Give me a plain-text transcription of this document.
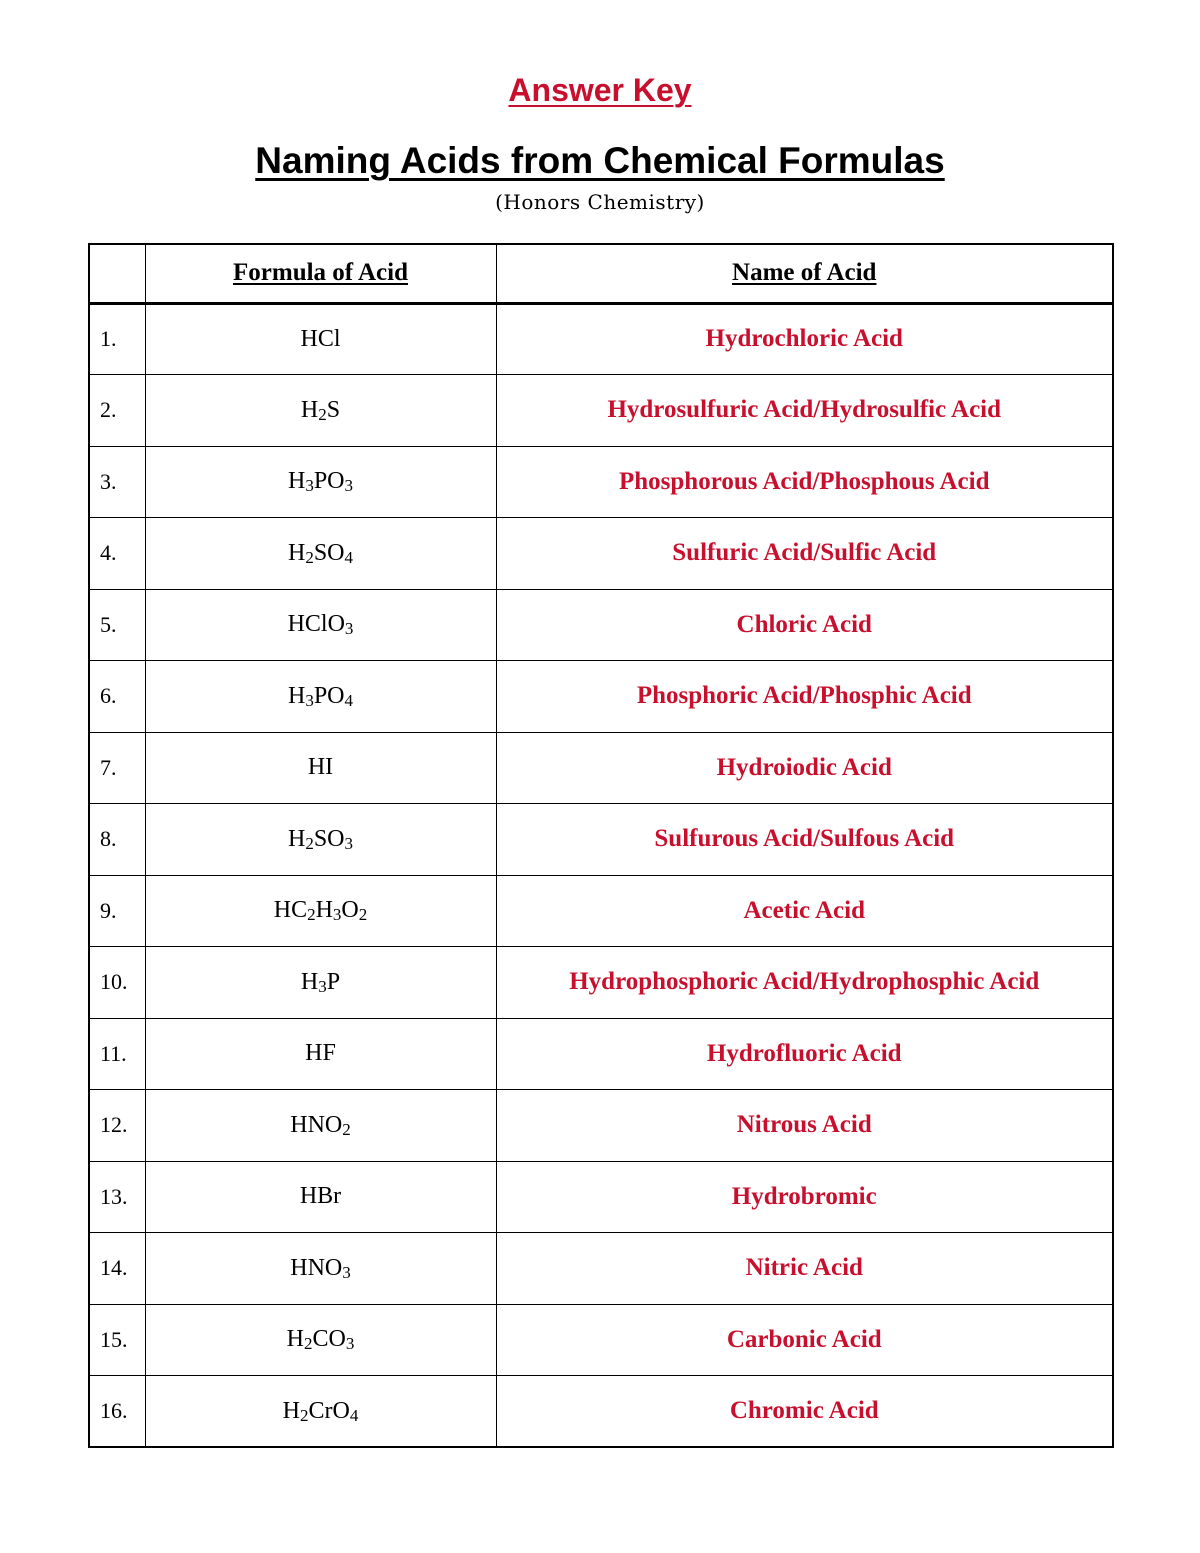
Answer Key
Naming Acids from Chemical Formulas
(Honors Chemistry)
	Formula of Acid	Name of Acid
1.	HCl	Hydrochloric Acid
2.	$H_2S$	Hydrosulfuric Acid/Hydrosulfic Acid
3.	$H_3PO_3$	Phosphorous Acid/Phosphous Acid
4.	$H_2SO_4$	Sulfuric Acid/Sulfic Acid
5.	HClO$_3$	Chloric Acid
6.	$H_3PO_4$	Phosphoric Acid/Phosphic Acid
7.	HI	Hydroiodic Acid
8.	$H_2SO_3$	Sulfurous Acid/Sulfous Acid
9.	$HC_2H_3O_2$	Acetic Acid
10.	$H_3P$	Hydrophosphoric Acid/Hydrophosphic Acid
11.	HF	Hydrofluoric Acid
12.	$HNO_2$	Nitrous Acid
13.	HBr	Hydrobromic
14.	$HNO_3$	Nitric Acid
15.	$H_2CO_3$	Carbonic Acid
16.	$H_2CrO_4$	Chromic Acid
